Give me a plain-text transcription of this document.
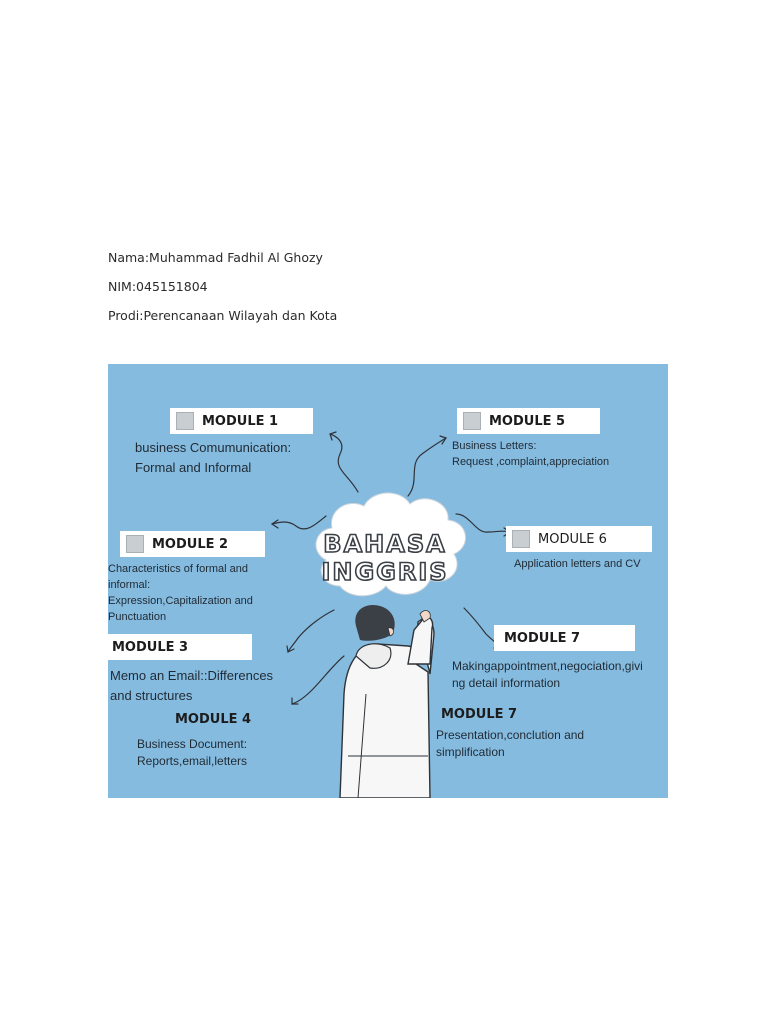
Nama:Muhammad Fadhil Al Ghozy
NIM:045151804
Prodi:Perencanaan Wilayah dan Kota
BAHASA
INGGRIS
MODULE 1
business Comumunication:
Formal and Informal
MODULE 2
Characteristics of formal and
informal:
Expression,Capitalization and
Punctuation
MODULE 3
Memo an Email::Differences
and structures
MODULE 4
Business Document:
Reports,email,letters
MODULE 5
Business Letters:
Request ,complaint,appreciation
MODULE 6
Application letters and CV
MODULE 7
Makingappointment,negociation,givi
ng detail information
MODULE 7
Presentation,conclution and
simplification
